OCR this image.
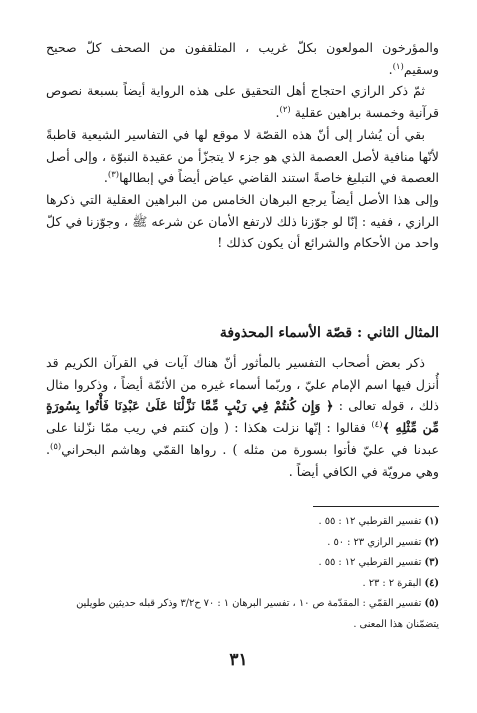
والمؤرخون المولعون بكلّ غريب ، المتلقفون من الصحف كلّ صحيح وسقيم$^{(١)}$.

ثمّ ذكر الرازي احتجاج أهل التحقيق على هذه الرواية أيضاً بسبعة نصوص قرآنية وخمسة براهين عقلية $^{(٢)}$.

بقي أن يُشار إلى أنّ هذه القصّة لا موقع لها في التفاسير الشيعية قاطبةً لأنّها منافية لأصل العصمة الذي هو جزء لا يتجزّأ من عقيدة النبوّة ، وإلى أصل العصمة في التبليغ خاصةً استند القاضي عياض أيضاً في إبطالها$^{(٣)}$.

وإلى هذا الأصل أيضاً يرجع البرهان الخامس من البراهين العقلية التي ذكرها الرازي ، ففيه : إنّا لو جوّزنا ذلك لارتفع الأمان عن شرعه ﷺ ، وجوّزنا في كلّ واحد من الأحكام والشرائع أن يكون كذلك !

المثال الثاني : قصّة الأسماء المحذوفة

ذكر بعض أصحاب التفسير بالمأثور أنّ هناك آيات في القرآن الكريم قد أُنزل فيها اسم الإمام عليّ ، وربّما أسماء غيره من الأئمّة أيضاً ، وذكروا مثال ذلك ، قوله تعالى : ﴿ وَإِن كُنتُمْ فِي رَيْبٍ مِّمَّا نَزَّلْنَا عَلَىٰ عَبْدِنَا فَأْتُوا بِسُورَةٍ مِّن مِّثْلِهِ ﴾$^{(٤)}$ فقالوا : إنّها نزلت هكذا : ( وإن كنتم في ريب ممّا نزّلنا على عبدنا في عليّ فأتوا بسورة من مثله ) . رواها القمّي وهاشم البحراني$^{(٥)}$. وهي مرويّة في الكافي أيضاً .

(١) تفسير القرطبي ١٢ : ٥٥ .
(٢) تفسير الرازي ٢٣ : ٥٠ .
(٣) تفسير القرطبي ١٢ : ٥٥ .
(٤) البقرة ٢ : ٢٣ .
(٥) تفسير القمّي : المقدّمة ص ١٠ ، تفسير البرهان ١ : ٧٠ ح٣/٢ وذكر قبله حديثين طويلين يتضمّنان هذا المعنى .
٣١
